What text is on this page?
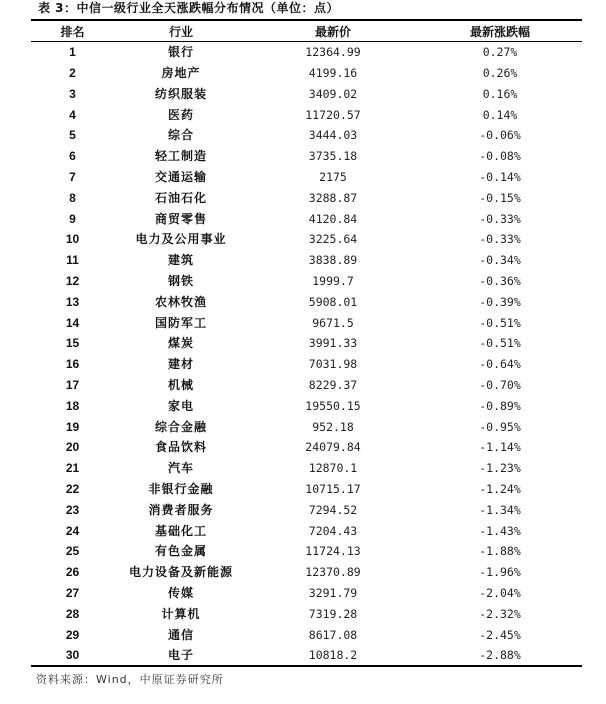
表 3：中信一级行业全天涨跌幅分布情况（单位：点）
排名	行业	最新价	最新涨跌幅
1	银行	12364.99	0.27%
2	房地产	4199.16	0.26%
3	纺织服装	3409.02	0.16%
4	医药	11720.57	0.14%
5	综合	3444.03	-0.06%
6	轻工制造	3735.18	-0.08%
7	交通运输	2175	-0.14%
8	石油石化	3288.87	-0.15%
9	商贸零售	4120.84	-0.33%
10	电力及公用事业	3225.64	-0.33%
11	建筑	3838.89	-0.34%
12	钢铁	1999.7	-0.36%
13	农林牧渔	5908.01	-0.39%
14	国防军工	9671.5	-0.51%
15	煤炭	3991.33	-0.51%
16	建材	7031.98	-0.64%
17	机械	8229.37	-0.70%
18	家电	19550.15	-0.89%
19	综合金融	952.18	-0.95%
20	食品饮料	24079.84	-1.14%
21	汽车	12870.1	-1.23%
22	非银行金融	10715.17	-1.24%
23	消费者服务	7294.52	-1.34%
24	基础化工	7204.43	-1.43%
25	有色金属	11724.13	-1.88%
26	电力设备及新能源	12370.89	-1.96%
27	传媒	3291.79	-2.04%
28	计算机	7319.28	-2.32%
29	通信	8617.08	-2.45%
30	电子	10818.2	-2.88%
资料来源：Wind，中原证券研究所
